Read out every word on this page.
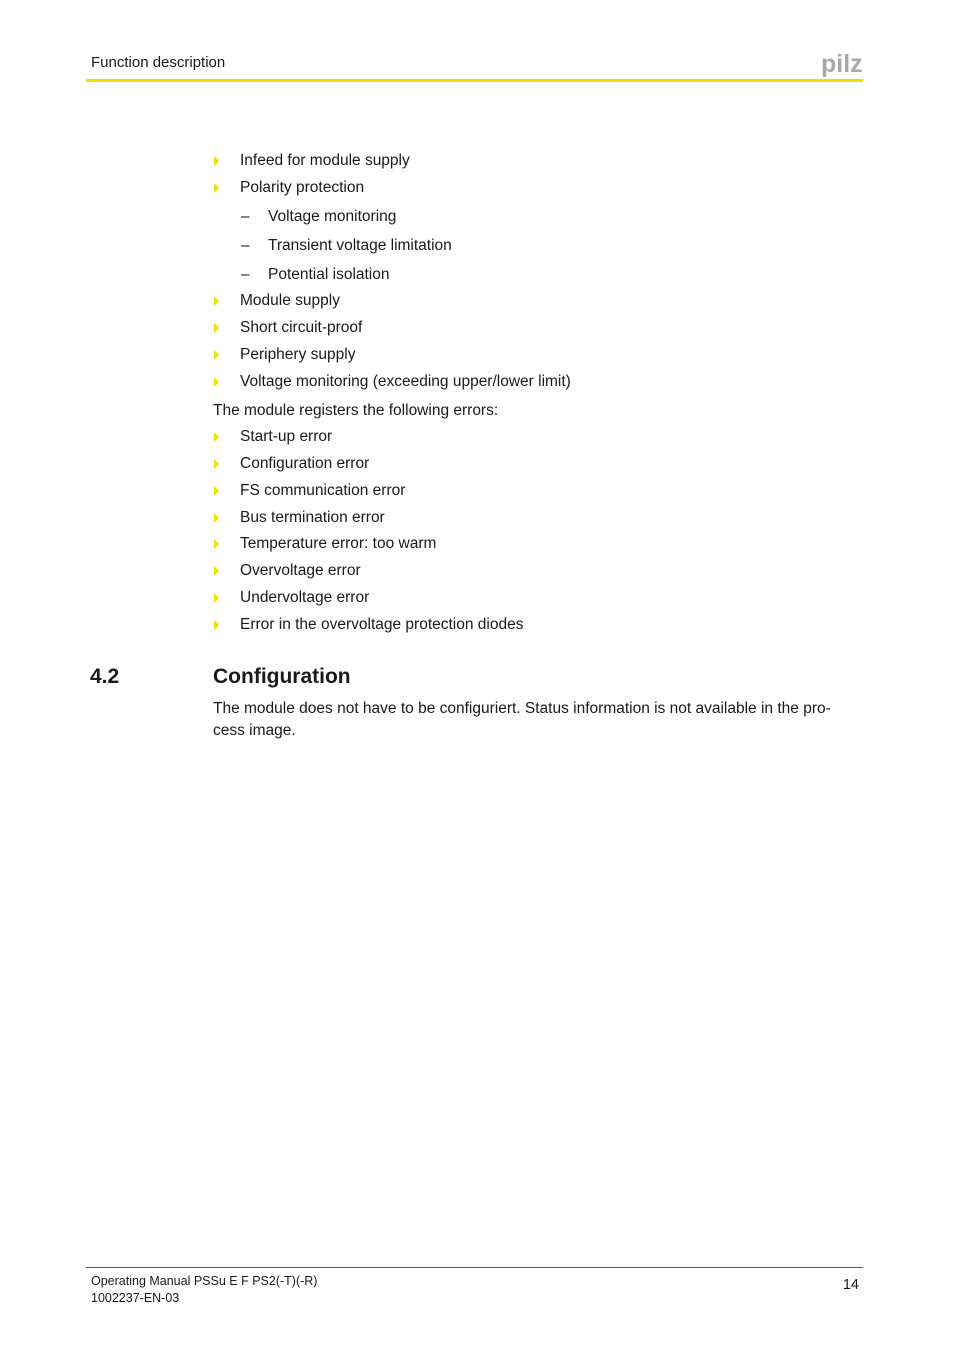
Function description	pilz
Infeed for module supply
Polarity protection
– Voltage monitoring
– Transient voltage limitation
– Potential isolation
Module supply
Short circuit-proof
Periphery supply
Voltage monitoring (exceeding upper/lower limit)
The module registers the following errors:
Start-up error
Configuration error
FS communication error
Bus termination error
Temperature error: too warm
Overvoltage error
Undervoltage error
Error in the overvoltage protection diodes
4.2	Configuration
The module does not have to be configuriert. Status information is not available in the pro-
cess image.
Operating Manual PSSu E F PS2(-T)(-R)
1002237-EN-03
14
